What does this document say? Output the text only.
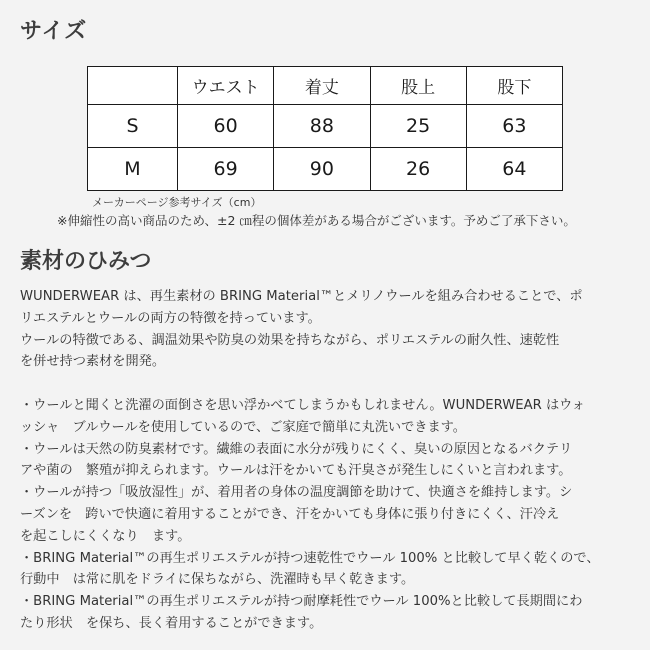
サイズ
	ウエスト	着丈	股上	股下
S	60	88	25	63
M	69	90	26	64
メーカーページ参考サイズ（cm）
※伸縮性の高い商品のため、±2 ㎝程の個体差がある場合がございます。予めご了承下さい。
素材のひみつ

WUNDERWEAR は、再生素材の BRING Material™とメリノウールを組み合わせることで、ポ

リエステルとウールの両方の特徴を持っています。

ウールの特徴である、調温効果や防臭の効果を持ちながら、ポリエステルの耐久性、速乾性

を併せ持つ素材を開発。

・ウールと聞くと洗濯の面倒さを思い浮かべてしまうかもしれません。WUNDERWEAR はウォ

ッシャ　ブルウールを使用しているので、ご家庭で簡単に丸洗いできます。

・ウールは天然の防臭素材です。繊維の表面に水分が残りにくく、臭いの原因となるバクテリ

アや菌の　繁殖が抑えられます。ウールは汗をかいても汗臭さが発生しにくいと言われます。

・ウールが持つ「吸放湿性」が、着用者の身体の温度調節を助けて、快適さを維持します。シ

ーズンを　跨いで快適に着用することができ、汗をかいても身体に張り付きにくく、汗冷え

を起こしにくくなり　ます。

・BRING Material™の再生ポリエステルが持つ速乾性でウール 100% と比較して早く乾くので、

行動中　は常に肌をドライに保ちながら、洗濯時も早く乾きます。

・BRING Material™の再生ポリエステルが持つ耐摩耗性でウール 100%と比較して長期間にわ

たり形状　を保ち、長く着用することができます。
